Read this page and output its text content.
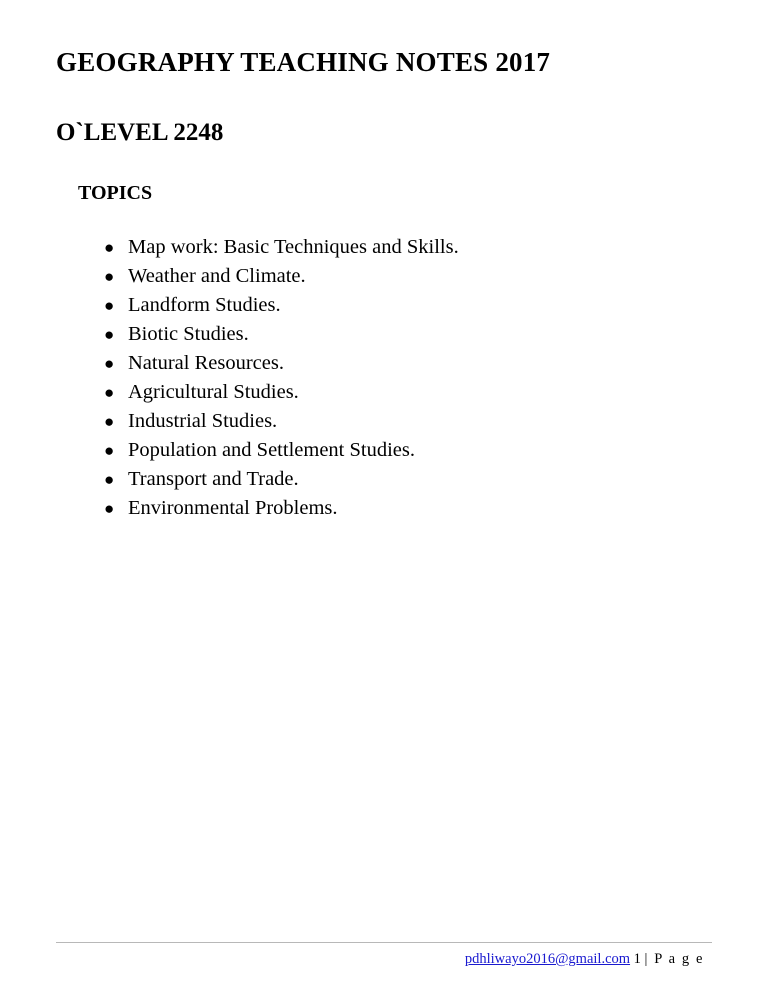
GEOGRAPHY TEACHING NOTES 2017
O`LEVEL 2248
TOPICS
● Map work: Basic Techniques and Skills.
● Weather and Climate.
● Landform Studies.
● Biotic Studies.
● Natural Resources.
● Agricultural Studies.
● Industrial Studies.
● Population and Settlement Studies.
● Transport and Trade.
● Environmental Problems.
pdhliwayo2016@gmail.com 1 | P a g e
